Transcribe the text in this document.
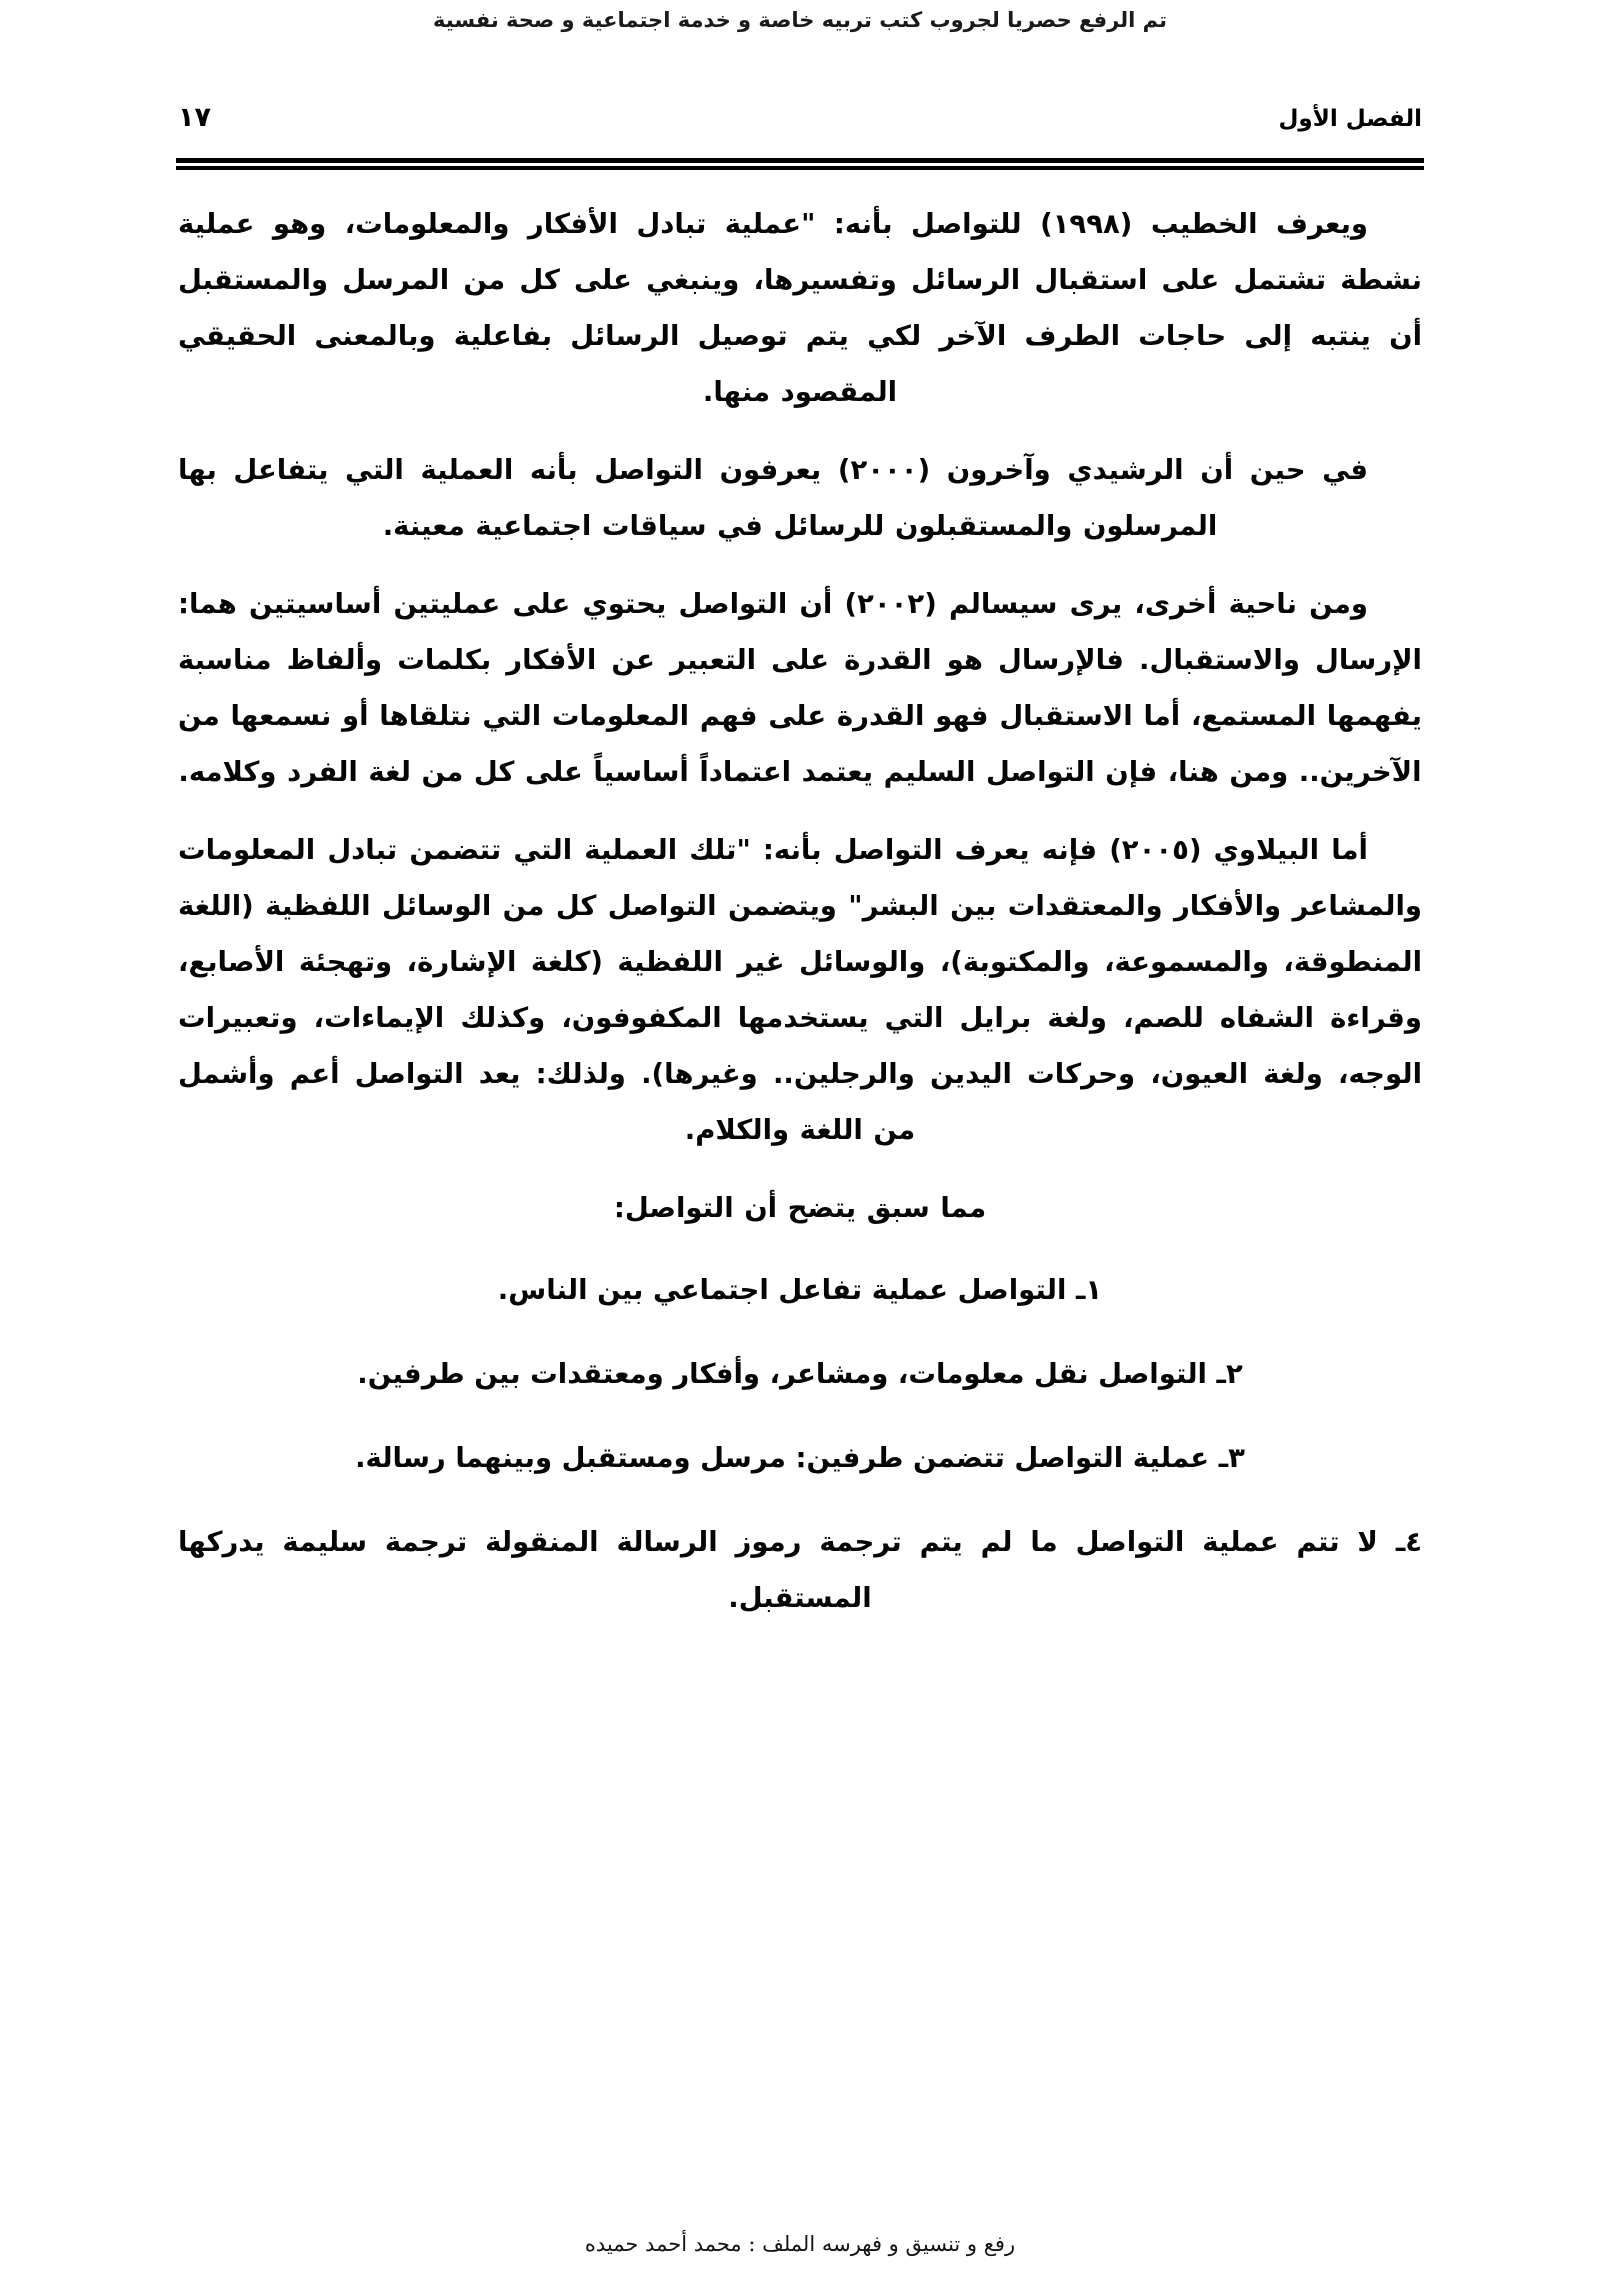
تم الرفع حصريا لجروب كتب تربيه خاصة و خدمة اجتماعية و صحة نفسية
الفصل الأول
١٧

ويعرف الخطيب (١٩٩٨) للتواصل بأنه: "عملية تبادل الأفكار والمعلومات، وهو عملية نشطة تشتمل على استقبال الرسائل وتفسيرها، وينبغي على كل من المرسل والمستقبل أن ينتبه إلى حاجات الطرف الآخر لكي يتم توصيل الرسائل بفاعلية وبالمعنى الحقيقي المقصود منها.

في حين أن الرشيدي وآخرون (٢٠٠٠) يعرفون التواصل بأنه العملية التي يتفاعل بها المرسلون والمستقبلون للرسائل في سياقات اجتماعية معينة.

ومن ناحية أخرى، يرى سيسالم (٢٠٠٢) أن التواصل يحتوي على عمليتين أساسيتين هما: الإرسال والاستقبال. فالإرسال هو القدرة على التعبير عن الأفكار بكلمات وألفاظ مناسبة يفهمها المستمع، أما الاستقبال فهو القدرة على فهم المعلومات التي نتلقاها أو نسمعها من الآخرين.. ومن هنا، فإن التواصل السليم يعتمد اعتماداً أساسياً على كل من لغة الفرد وكلامه.

أما البيلاوي (٢٠٠٥) فإنه يعرف التواصل بأنه: "تلك العملية التي تتضمن تبادل المعلومات والمشاعر والأفكار والمعتقدات بين البشر" ويتضمن التواصل كل من الوسائل اللفظية (اللغة المنطوقة، والمسموعة، والمكتوبة)، والوسائل غير اللفظية (كلغة الإشارة، وتهجئة الأصابع، وقراءة الشفاه للصم، ولغة برايل التي يستخدمها المكفوفون، وكذلك الإيماءات، وتعبيرات الوجه، ولغة العيون، وحركات اليدين والرجلين.. وغيرها). ولذلك: يعد التواصل أعم وأشمل من اللغة والكلام.

مما سبق يتضح أن التواصل:

١ـ التواصل عملية تفاعل اجتماعي بين الناس.
٢ـ التواصل نقل معلومات، ومشاعر، وأفكار ومعتقدات بين طرفين.
٣ـ عملية التواصل تتضمن طرفين: مرسل ومستقبل وبينهما رسالة.
٤ـ لا تتم عملية التواصل ما لم يتم ترجمة رموز الرسالة المنقولة ترجمة سليمة يدركها المستقبل.
رفع و تنسيق و فهرسه الملف : محمد أحمد حميده
